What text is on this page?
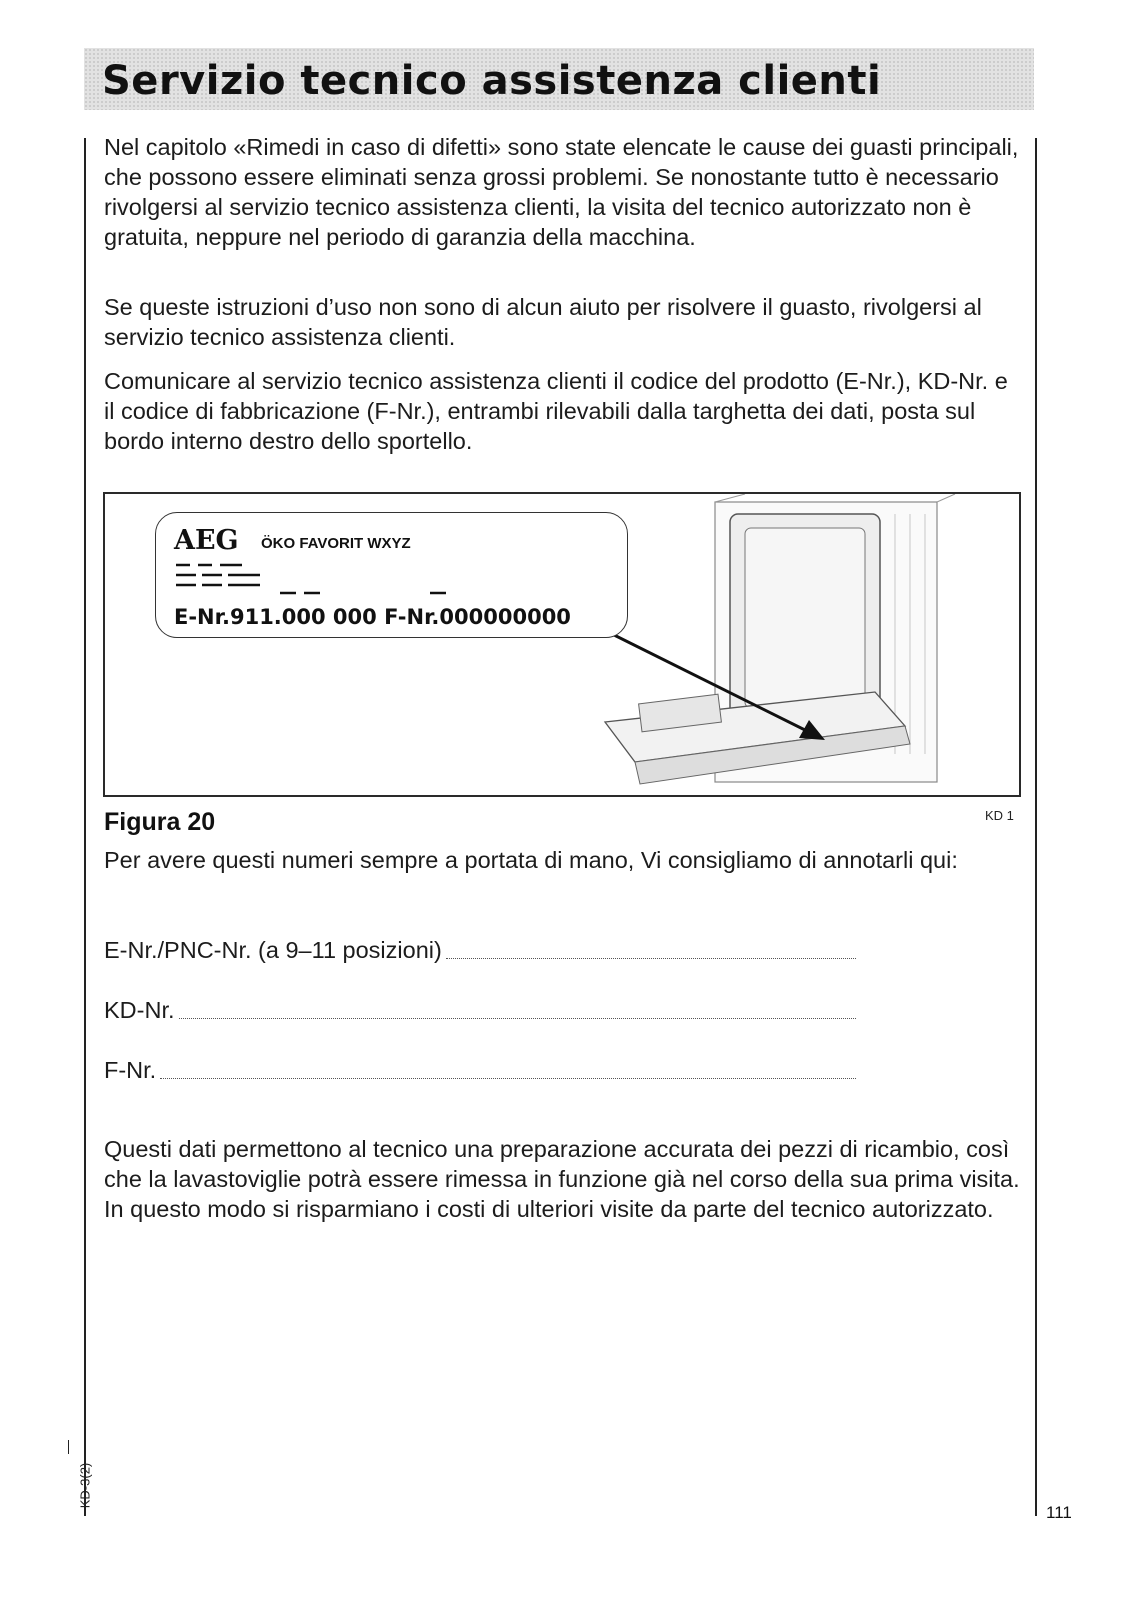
Servizio tecnico assistenza clienti

Nel capitolo «Rimedi in caso di difetti» sono state elencate le cause dei guasti principali, che possono essere eliminati senza grossi problemi. Se nonostante tutto è necessario rivolgersi al servizio tecnico assistenza clienti, la visita del tecnico autorizzato non è gratuita, neppure nel periodo di garanzia della macchina.

Se queste istruzioni d’uso non sono di alcun aiuto per risolvere il guasto, rivolgersi al servizio tecnico assistenza clienti.

Comunicare al servizio tecnico assistenza clienti il codice del prodotto (E-Nr.), KD-Nr. e il codice di fabbricazione (F-Nr.), entrambi rilevabili dalla targhetta dei dati, posta sul bordo interno destro dello sportello.

AEG ÖKO FAVORIT WXYZ
E-Nr.911.000 000 F-Nr.000000000
Figura 20	KD 1

Per avere questi numeri sempre a portata di mano, Vi consigliamo di annotarli qui:

E-Nr./PNC-Nr. (a 9–11 posizioni)
KD-Nr.
F-Nr.

Questi dati permettono al tecnico una preparazione accurata dei pezzi di ricambio, così che la lavastoviglie potrà essere rimessa in funzione già nel corso della sua prima visita. In questo modo si risparmiano i costi di ulteriori visite da parte del tecnico autorizzato.

KD-3(2)
111
